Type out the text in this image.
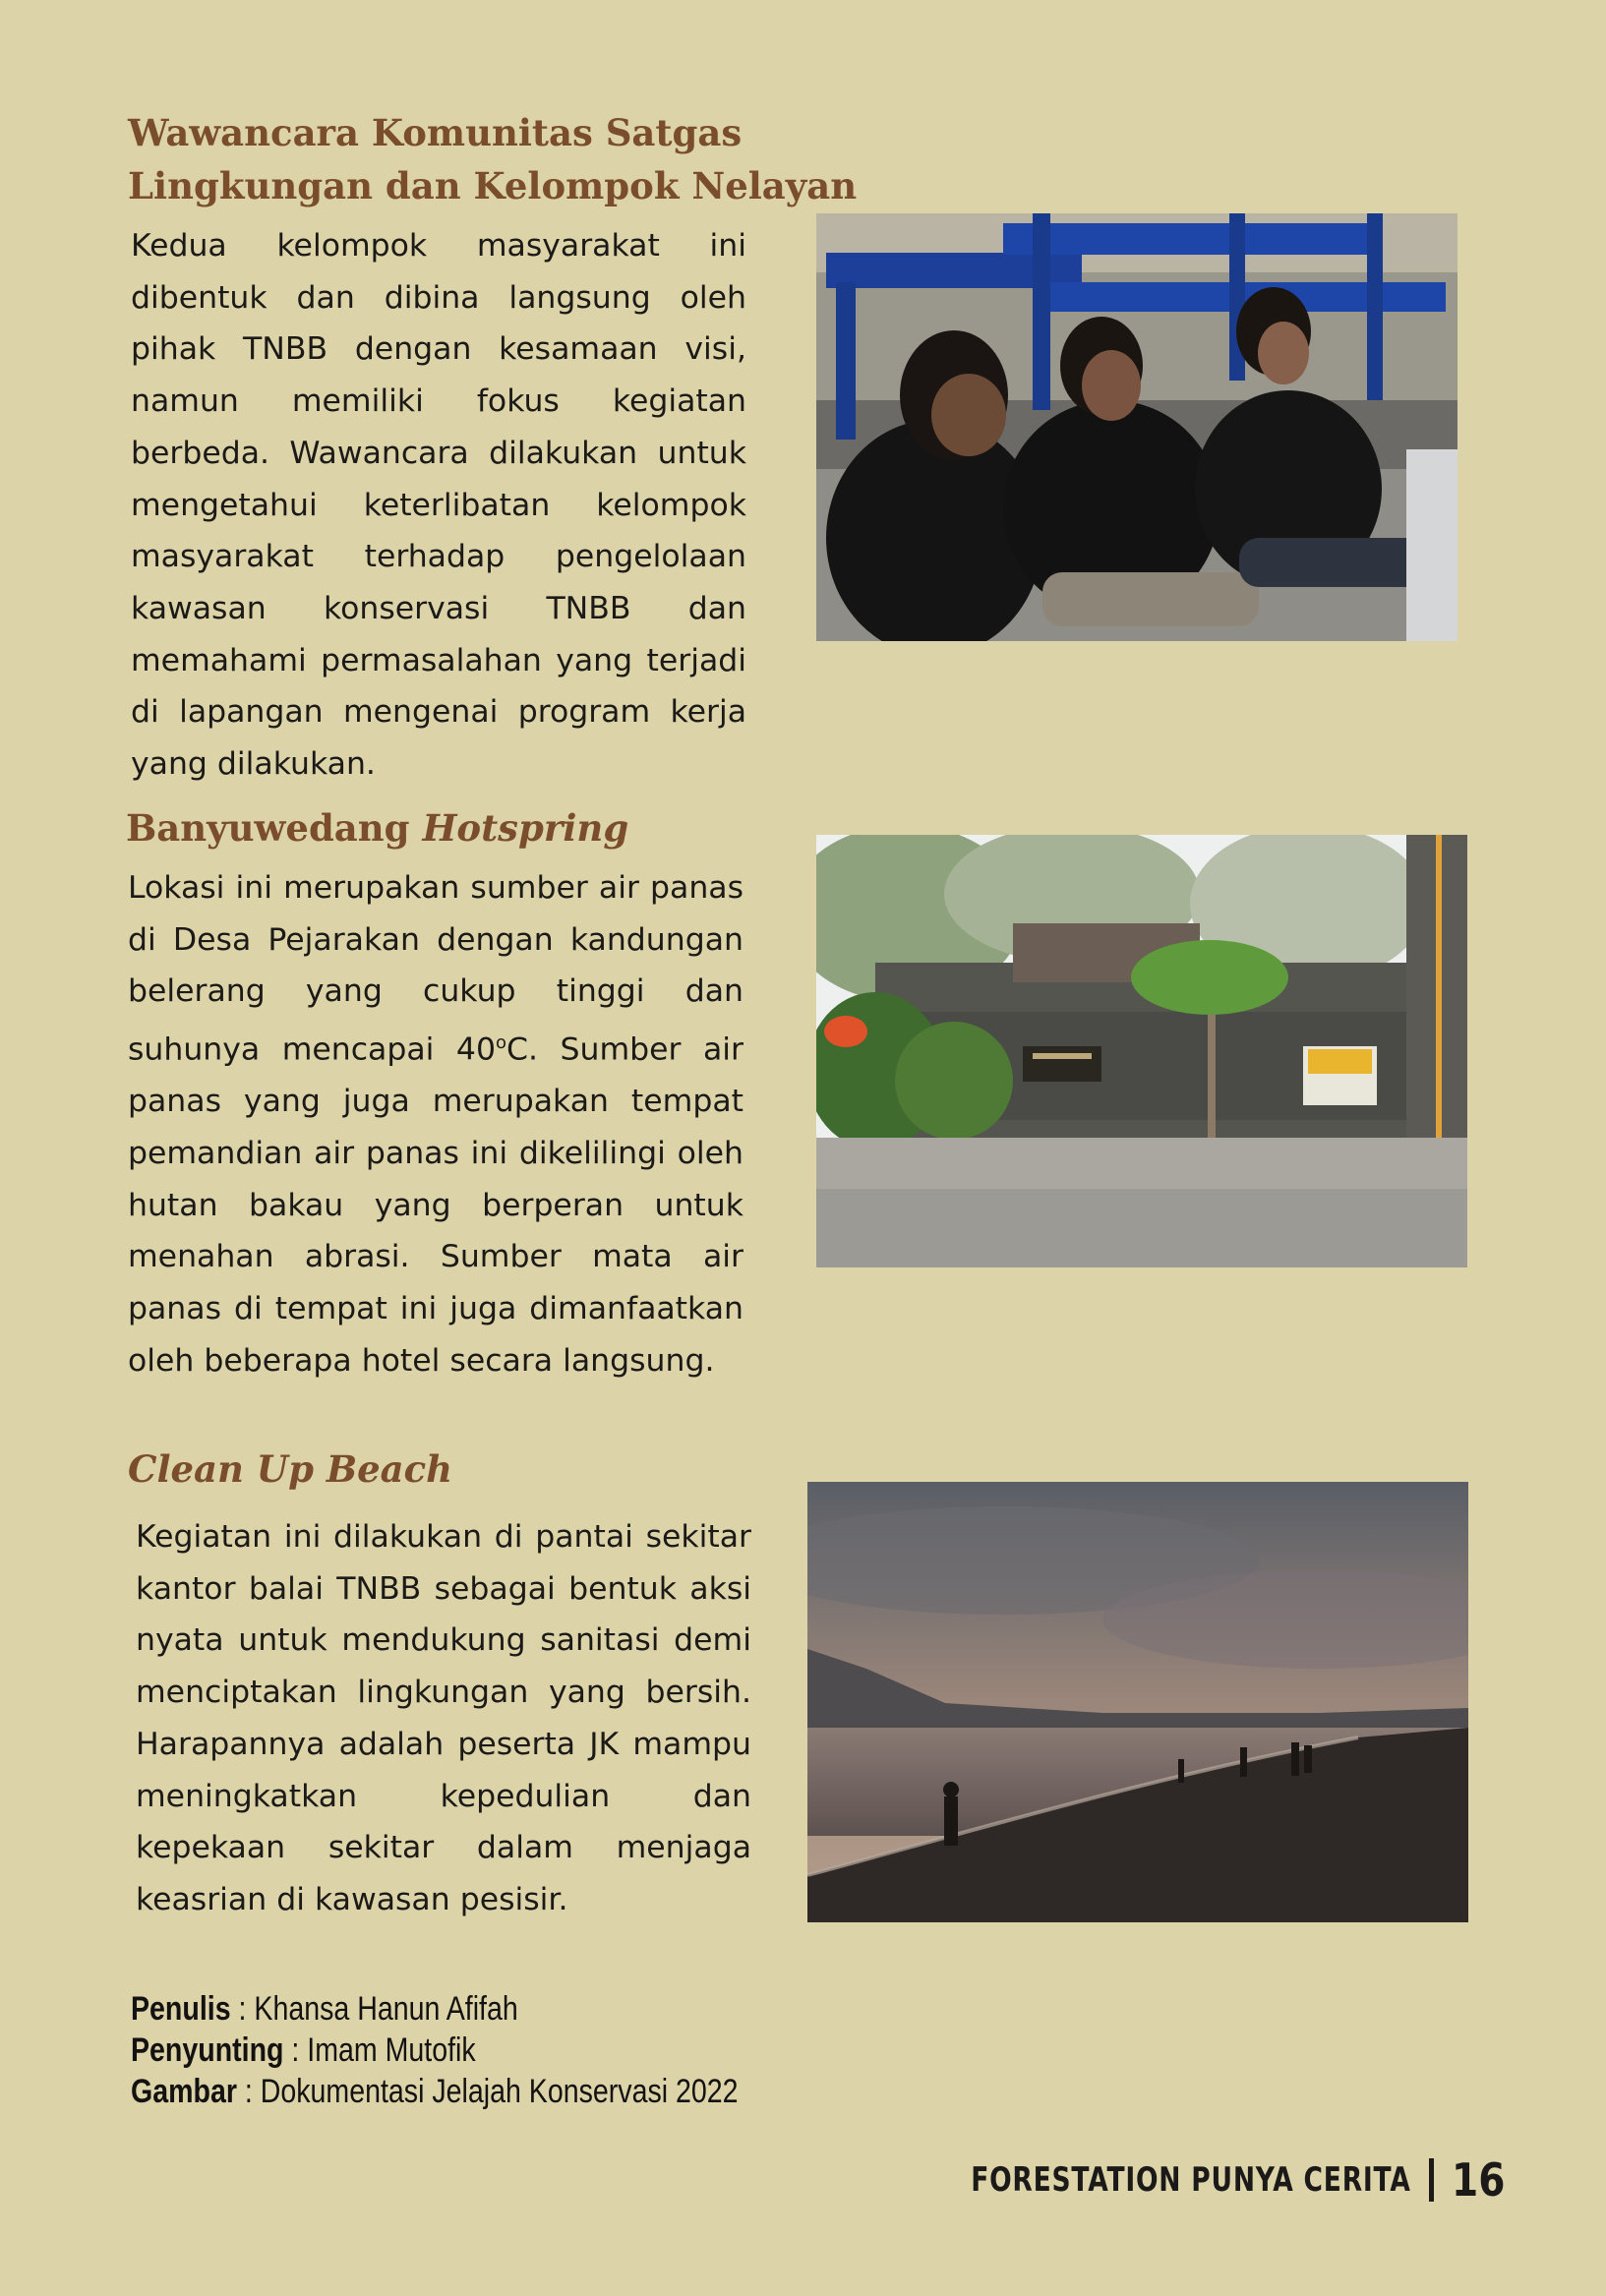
Wawancara Komunitas Satgas
Lingkungan dan Kelompok Nelayan

Kedua kelompok masyarakat ini dibentuk dan dibina langsung oleh pihak TNBB dengan kesamaan visi, namun memiliki fokus kegiatan berbeda. Wawancara dilakukan untuk mengetahui keterlibatan kelompok masyarakat terhadap pengelolaan kawasan konservasi TNBB dan memahami permasalahan yang terjadi di lapangan mengenai program kerja yang dilakukan.

Banyuwedang Hotspring

Lokasi ini merupakan sumber air panas di Desa Pejarakan dengan kandungan belerang yang cukup tinggi dan suhunya mencapai 40$^o$C. Sumber air panas yang juga merupakan tempat pemandian air panas ini dikelilingi oleh hutan bakau yang berperan untuk menahan abrasi. Sumber mata air panas di tempat ini juga dimanfaatkan oleh beberapa hotel secara langsung.

Clean Up Beach

Kegiatan ini dilakukan di pantai sekitar kantor balai TNBB sebagai bentuk aksi nyata untuk mendukung sanitasi demi menciptakan lingkungan yang bersih. Harapannya adalah peserta JK mampu meningkatkan kepedulian dan kepekaan sekitar dalam menjaga keasrian di kawasan pesisir.

Penulis : Khansa Hanun Afifah
Penyunting : Imam Mutofik
Gambar : Dokumentasi Jelajah Konservasi 2022
FORESTATION PUNYA CERITA 16
